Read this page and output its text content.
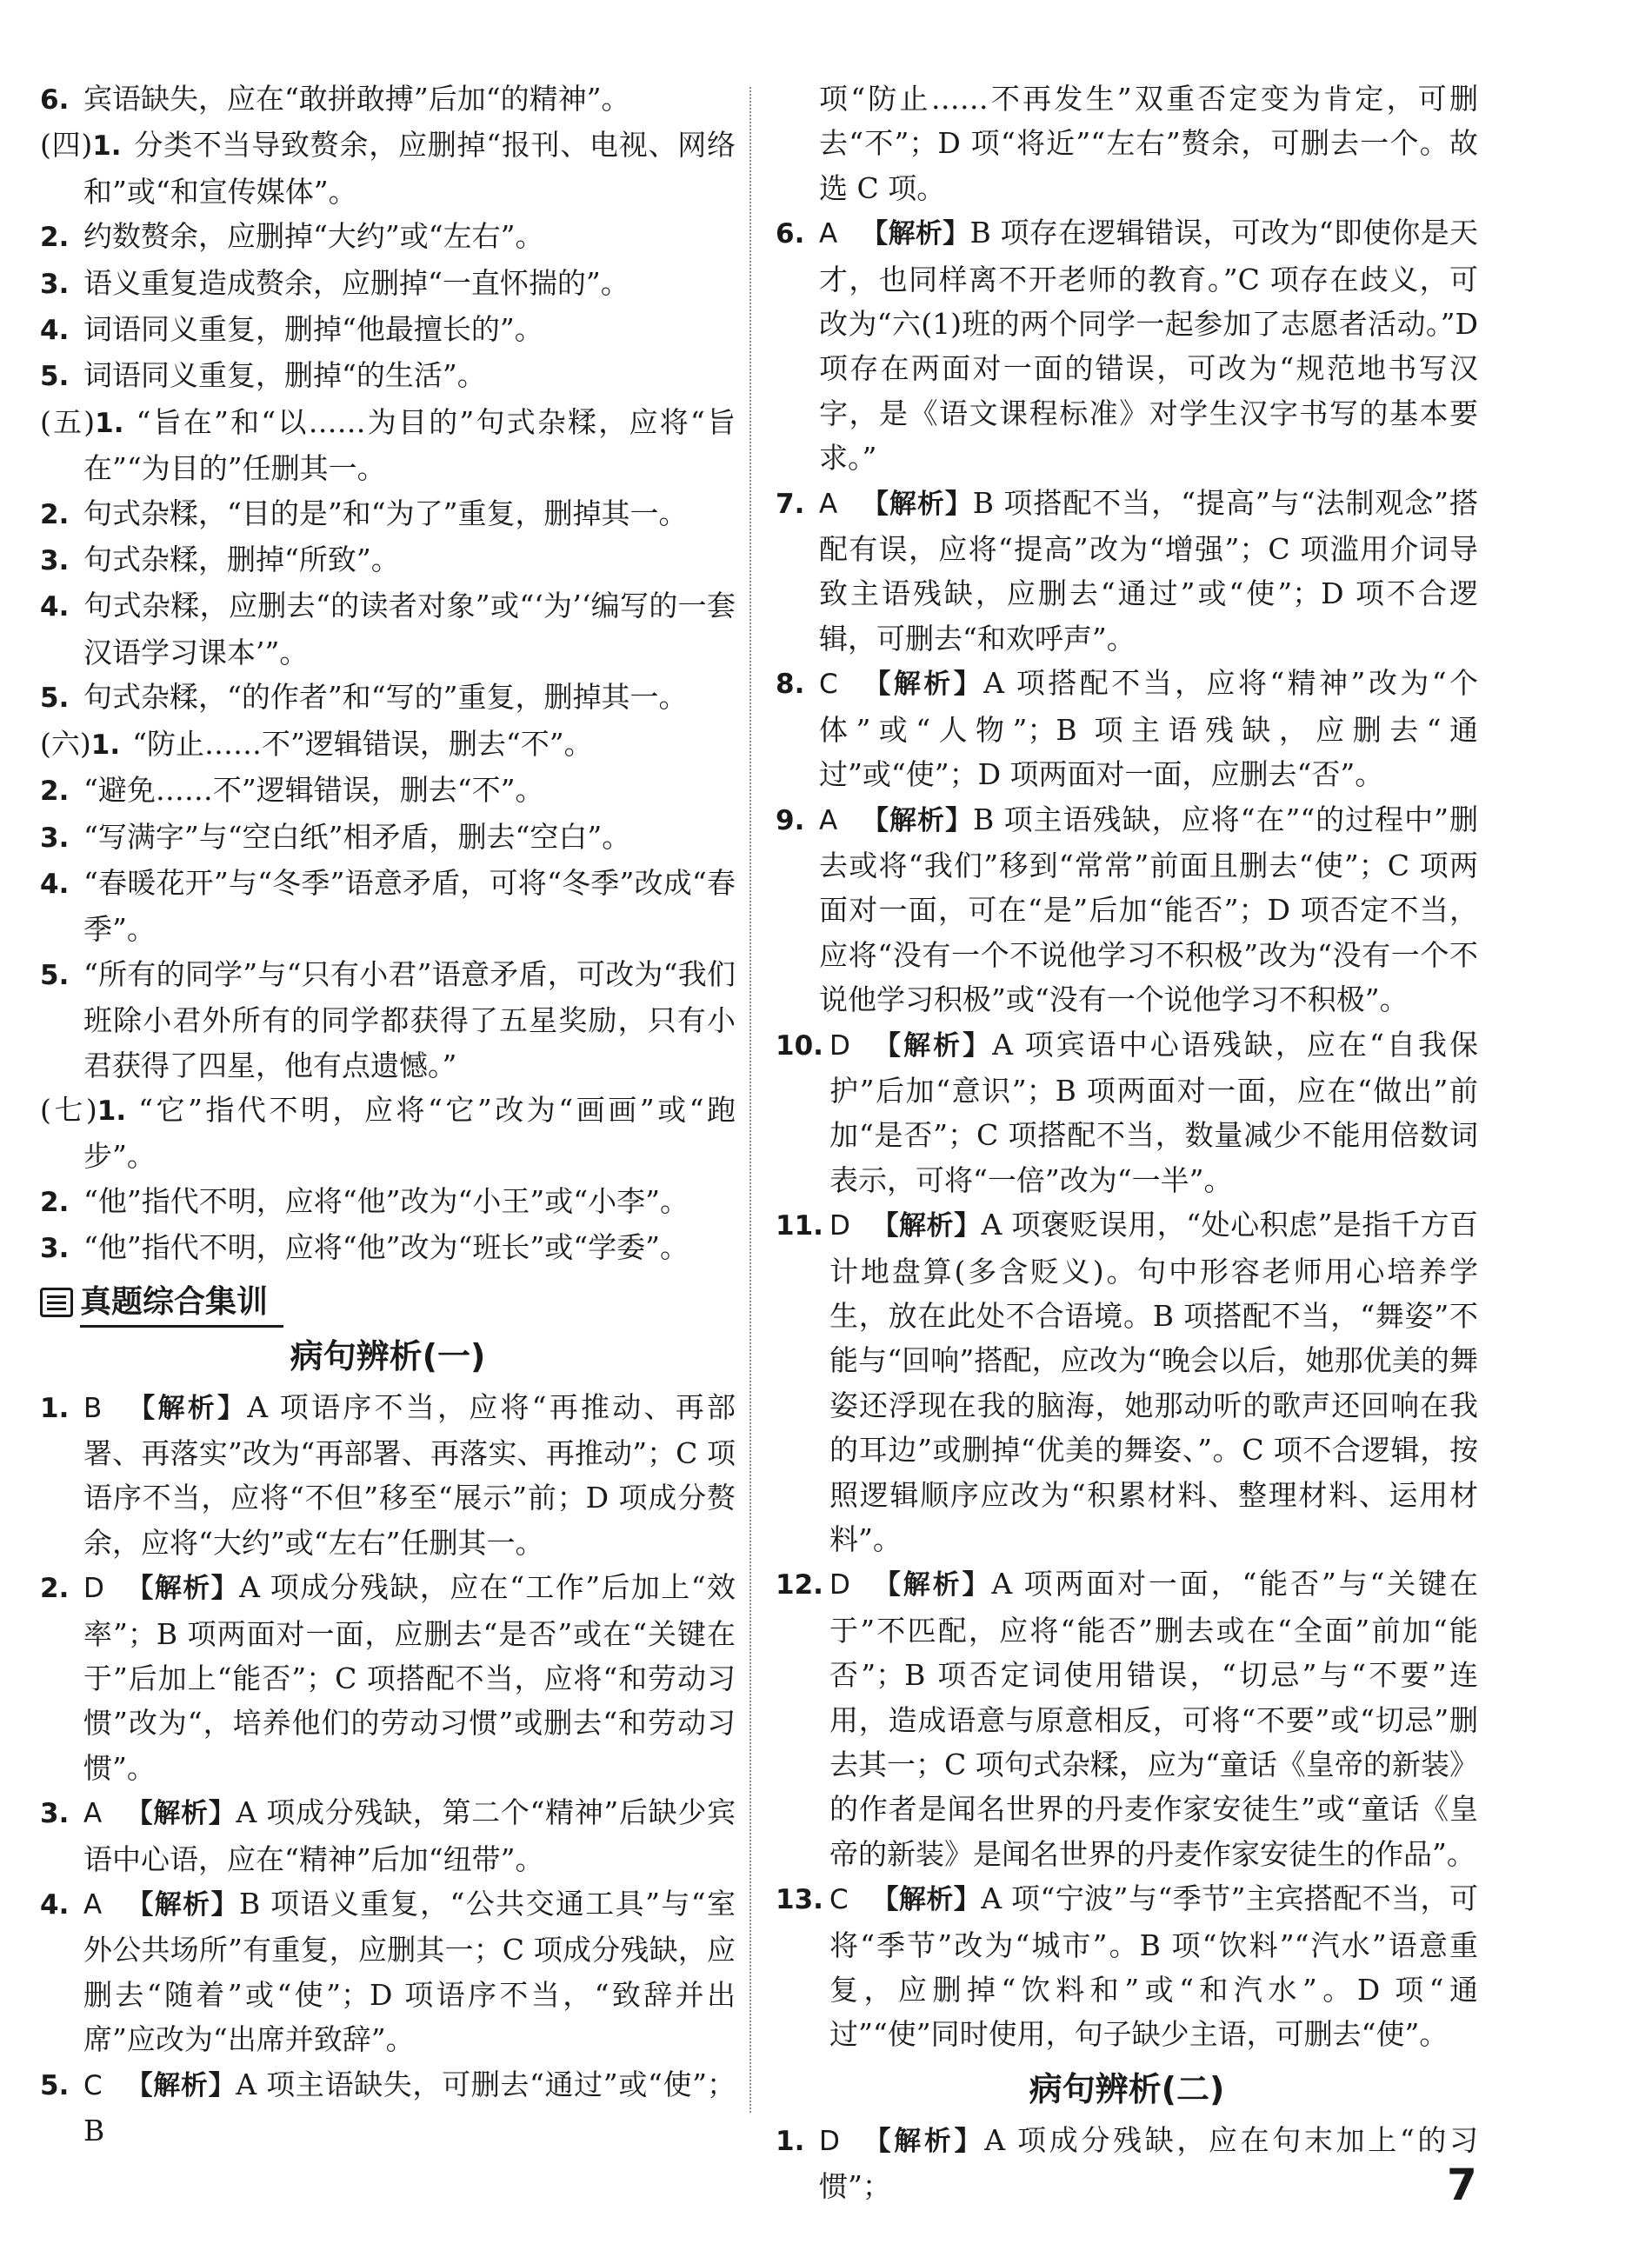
6. 宾语缺失，应在“敢拼敢搏”后加“的精神”。

(四)1. 分类不当导致赘余，应删掉“报刊、电视、网络和”或“和宣传媒体”。

2. 约数赘余，应删掉“大约”或“左右”。

3. 语义重复造成赘余，应删掉“一直怀揣的”。

4. 词语同义重复，删掉“他最擅长的”。

5. 词语同义重复，删掉“的生活”。

(五)1. “旨在”和“以……为目的”句式杂糅，应将“旨在”“为目的”任删其一。

2. 句式杂糅，“目的是”和“为了”重复，删掉其一。

3. 句式杂糅，删掉“所致”。

4. 句式杂糅，应删去“的读者对象”或“‘为’‘编写的一套汉语学习课本’”。

5. 句式杂糅，“的作者”和“写的”重复，删掉其一。

(六)1. “防止……不”逻辑错误，删去“不”。

2. “避免……不”逻辑错误，删去“不”。

3. “写满字”与“空白纸”相矛盾，删去“空白”。

4. “春暖花开”与“冬季”语意矛盾，可将“冬季”改成“春季”。

5. “所有的同学”与“只有小君”语意矛盾，可改为“我们班除小君外所有的同学都获得了五星奖励，只有小君获得了四星，他有点遗憾。”

(七)1. “它”指代不明，应将“它”改为“画画”或“跑步”。

2. “他”指代不明，应将“他”改为“小王”或“小李”。

3. “他”指代不明，应将“他”改为“班长”或“学委”。

真题综合集训
病句辨析(一)

1. B 【解析】A 项语序不当，应将“再推动、再部署、再落实”改为“再部署、再落实、再推动”；C 项语序不当，应将“不但”移至“展示”前；D 项成分赘余，应将“大约”或“左右”任删其一。

2. D 【解析】A 项成分残缺，应在“工作”后加上“效率”；B 项两面对一面，应删去“是否”或在“关键在于”后加上“能否”；C 项搭配不当，应将“和劳动习惯”改为“，培养他们的劳动习惯”或删去“和劳动习惯”。

3. A 【解析】A 项成分残缺，第二个“精神”后缺少宾语中心语，应在“精神”后加“纽带”。

4. A 【解析】B 项语义重复，“公共交通工具”与“室外公共场所”有重复，应删其一；C 项成分残缺，应删去“随着”或“使”；D 项语序不当，“致辞并出席”应改为“出席并致辞”。

5. C 【解析】A 项主语缺失，可删去“通过”或“使”；B

项“防止……不再发生”双重否定变为肯定，可删去“不”；D 项“将近”“左右”赘余，可删去一个。故选 C 项。

6. A 【解析】B 项存在逻辑错误，可改为“即使你是天才，也同样离不开老师的教育。”C 项存在歧义，可改为“六(1)班的两个同学一起参加了志愿者活动。”D 项存在两面对一面的错误，可改为“规范地书写汉字，是《语文课程标准》对学生汉字书写的基本要求。”

7. A 【解析】B 项搭配不当，“提高”与“法制观念”搭配有误，应将“提高”改为“增强”；C 项滥用介词导致主语残缺，应删去“通过”或“使”；D 项不合逻辑，可删去“和欢呼声”。

8. C 【解析】A 项搭配不当，应将“精神”改为“个体”或“人物”；B 项主语残缺，应删去“通过”或“使”；D 项两面对一面，应删去“否”。

9. A 【解析】B 项主语残缺，应将“在”“的过程中”删去或将“我们”移到“常常”前面且删去“使”；C 项两面对一面，可在“是”后加“能否”；D 项否定不当，应将“没有一个不说他学习不积极”改为“没有一个不说他学习积极”或“没有一个说他学习不积极”。

10. D 【解析】A 项宾语中心语残缺，应在“自我保护”后加“意识”；B 项两面对一面，应在“做出”前加“是否”；C 项搭配不当，数量减少不能用倍数词表示，可将“一倍”改为“一半”。

11. D 【解析】A 项褒贬误用，“处心积虑”是指千方百计地盘算(多含贬义)。句中形容老师用心培养学生，放在此处不合语境。B 项搭配不当，“舞姿”不能与“回响”搭配，应改为“晚会以后，她那优美的舞姿还浮现在我的脑海，她那动听的歌声还回响在我的耳边”或删掉“优美的舞姿、”。C 项不合逻辑，按照逻辑顺序应改为“积累材料、整理材料、运用材料”。

12. D 【解析】A 项两面对一面，“能否”与“关键在于”不匹配，应将“能否”删去或在“全面”前加“能否”；B 项否定词使用错误，“切忌”与“不要”连用，造成语意与原意相反，可将“不要”或“切忌”删去其一；C 项句式杂糅，应为“童话《皇帝的新装》的作者是闻名世界的丹麦作家安徒生”或“童话《皇帝的新装》是闻名世界的丹麦作家安徒生的作品”。

13. C 【解析】A 项“宁波”与“季节”主宾搭配不当，可将“季节”改为“城市”。B 项“饮料”“汽水”语意重复，应删掉“饮料和”或“和汽水”。D 项“通过”“使”同时使用，句子缺少主语，可删去“使”。

病句辨析(二)

1. D 【解析】A 项成分残缺，应在句末加上“的习惯”；	7
